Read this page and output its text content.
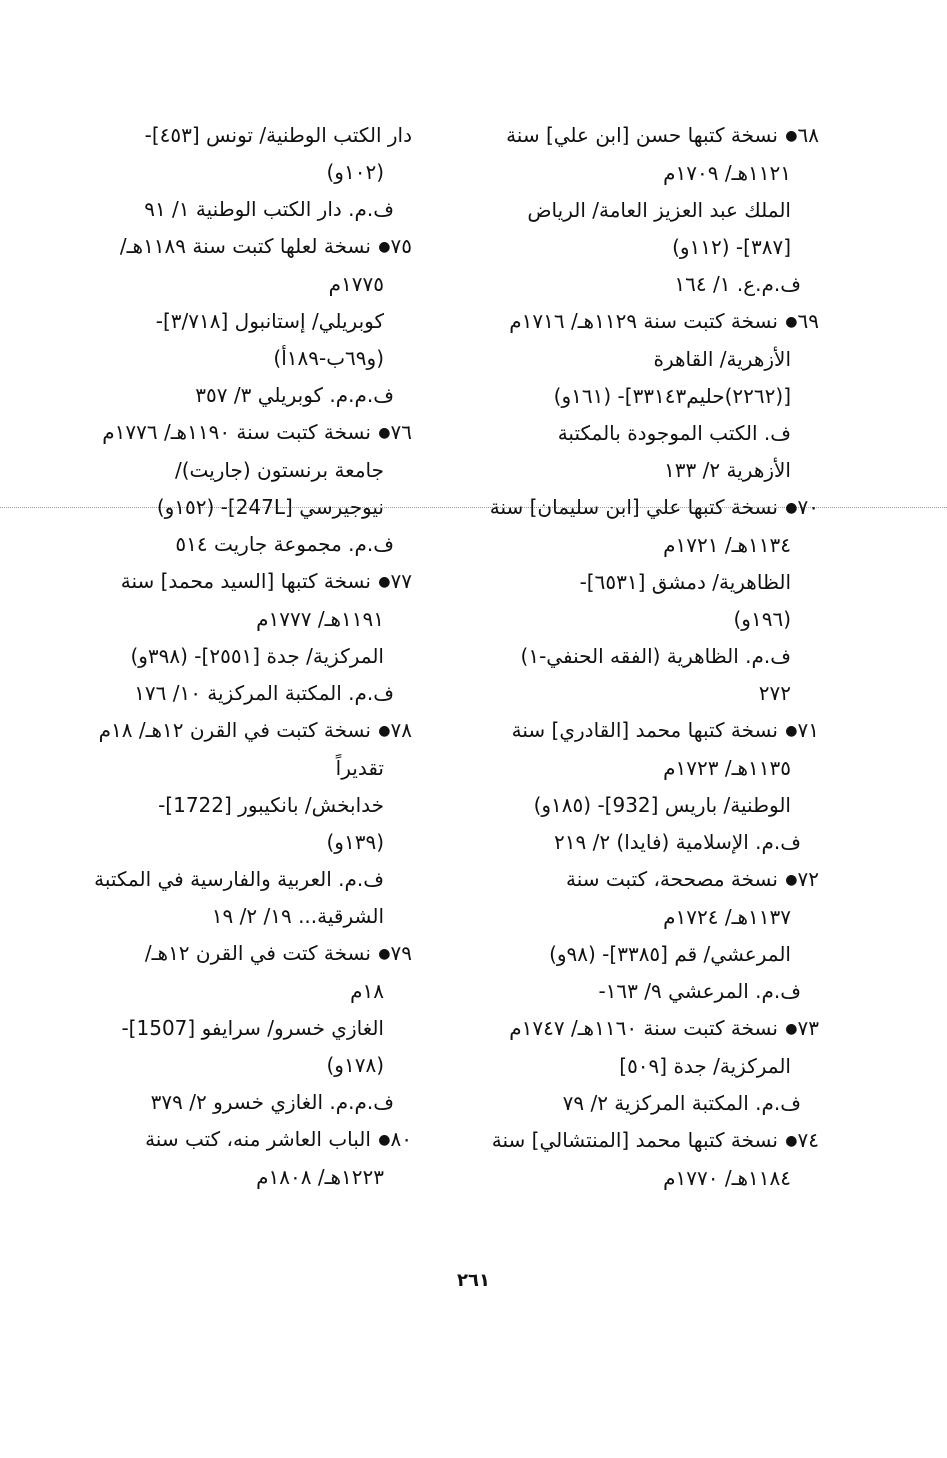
٦٨● نسخة كتبها حسن [ابن علي] سنة
١١٢١هـ/ ١٧٠٩م
الملك عبد العزيز العامة/ الرياض
[٣٨٧]- (١١٢و)
ف.م.ع. ١/ ١٦٤
٦٩● نسخة كتبت سنة ١١٢٩هـ/ ١٧١٦م
الأزهرية/ القاهرة
[(٢٢٦٢)حليم٣٣١٤٣]- (١٦١و)
ف. الكتب الموجودة بالمكتبة
الأزهرية ٢/ ١٣٣
٧٠● نسخة كتبها علي [ابن سليمان] سنة
١١٣٤هـ/ ١٧٢١م
الظاهرية/ دمشق [٦٥٣١]-
(١٩٦و)
ف.م. الظاهرية (الفقه الحنفي-١)
٢٧٢
٧١● نسخة كتبها محمد [القادري] سنة
١١٣٥هـ/ ١٧٢٣م
الوطنية/ باريس [932]- (١٨٥و)
ف.م. الإسلامية (فايدا) ٢/ ٢١٩
٧٢● نسخة مصححة، كتبت سنة
١١٣٧هـ/ ١٧٢٤م
المرعشي/ قم [٣٣٨٥]- (٩٨و)
ف.م. المرعشي ٩/ ١٦٣-
٧٣● نسخة كتبت سنة ١١٦٠هـ/ ١٧٤٧م
المركزية/ جدة [٥٠٩]
ف.م. المكتبة المركزية ٢/ ٧٩
٧٤● نسخة كتبها محمد [المنتشالي] سنة
١١٨٤هـ/ ١٧٧٠م
دار الكتب الوطنية/ تونس [٤٥٣]-
(١٠٢و)
ف.م. دار الكتب الوطنية ١/ ٩١
٧٥● نسخة لعلها كتبت سنة ١١٨٩هـ/
١٧٧٥م
كوبريلي/ إستانبول [٣/٧١٨]-
(و٦٩ب-١٨٩أ)
ف.م.م. كوبريلي ٣/ ٣٥٧
٧٦● نسخة كتبت سنة ١١٩٠هـ/ ١٧٧٦م
جامعة برنستون (جاريت)/
نيوجيرسي [247L]- (١٥٢و)
ف.م. مجموعة جاريت ٥١٤
٧٧● نسخة كتبها [السيد محمد] سنة
١١٩١هـ/ ١٧٧٧م
المركزية/ جدة [٢٥٥١]- (٣٩٨و)
ف.م. المكتبة المركزية ١٠/ ١٧٦
٧٨● نسخة كتبت في القرن ١٢هـ/ ١٨م
تقديراً
خدابخش/ بانكيبور [1722]-
(١٣٩و)
ف.م. العربية والفارسية في المكتبة
الشرقية... ١٩/ ٢/ ١٩
٧٩● نسخة كتت في القرن ١٢هـ/
١٨م
الغازي خسرو/ سرايفو [1507]-
(١٧٨و)
ف.م.م. الغازي خسرو ٢/ ٣٧٩
٨٠● الباب العاشر منه، كتب سنة
١٢٢٣هـ/ ١٨٠٨م
٢٦١
